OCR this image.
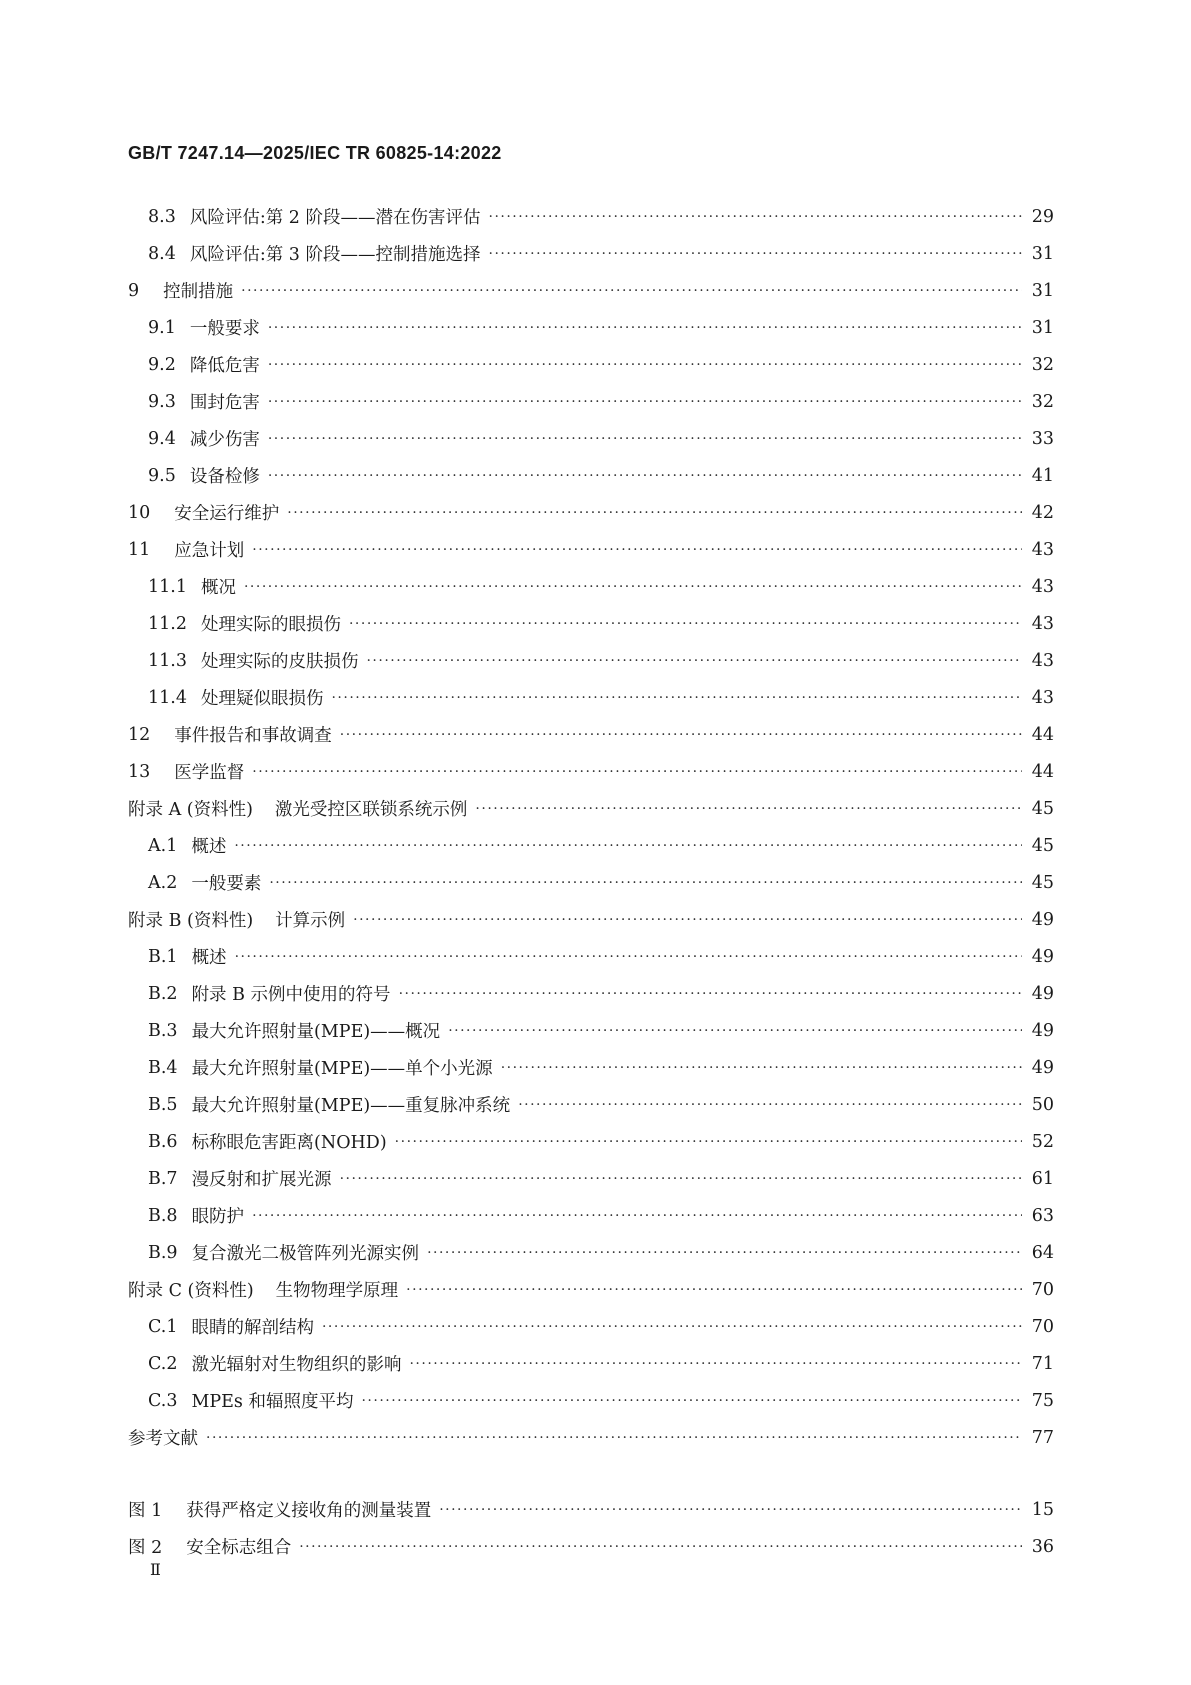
GB/T 7247.14—2025/IEC TR 60825-14:2022
8.3 风险评估:第 2 阶段——潜在伤害评估 ·····	29
8.4 风险评估:第 3 阶段——控制措施选择 ·····	31
9	控制措施 ·····	31
9.1 一般要求 ·····	31
9.2 降低危害 ·····	32
9.3 围封危害 ·····	32
9.4 减少伤害 ·····	33
9.5 设备检修 ·····	41
10	安全运行维护 ·····	42
11	应急计划 ·····	43
11.1 概况 ·····	43
11.2 处理实际的眼损伤 ·····	43
11.3 处理实际的皮肤损伤 ·····	43
11.4 处理疑似眼损伤 ·····	43
12	事件报告和事故调查 ·····	44
13	医学监督 ·····	44
附录 A (资料性)	激光受控区联锁系统示例 ·····	45
A.1 概述 ·····	45
A.2 一般要素 ·····	45
附录 B (资料性)	计算示例 ·····	49
B.1 概述 ·····	49
B.2 附录 B 示例中使用的符号 ·····	49
B.3 最大允许照射量(MPE)——概况 ·····	49
B.4 最大允许照射量(MPE)——单个小光源 ·····	49
B.5 最大允许照射量(MPE)——重复脉冲系统 ·····	50
B.6 标称眼危害距离(NOHD) ·····	52
B.7 漫反射和扩展光源 ·····	61
B.8 眼防护 ·····	63
B.9 复合激光二极管阵列光源实例 ·····	64
附录 C (资料性)	生物物理学原理 ·····	70
C.1 眼睛的解剖结构 ·····	70
C.2 激光辐射对生物组织的影响 ·····	71
C.3 MPEs 和辐照度平均 ·····	75
参考文献 ·····	77
图 1	获得严格定义接收角的测量装置 ·····	15
图 2	安全标志组合 ·····	36
Ⅱ
